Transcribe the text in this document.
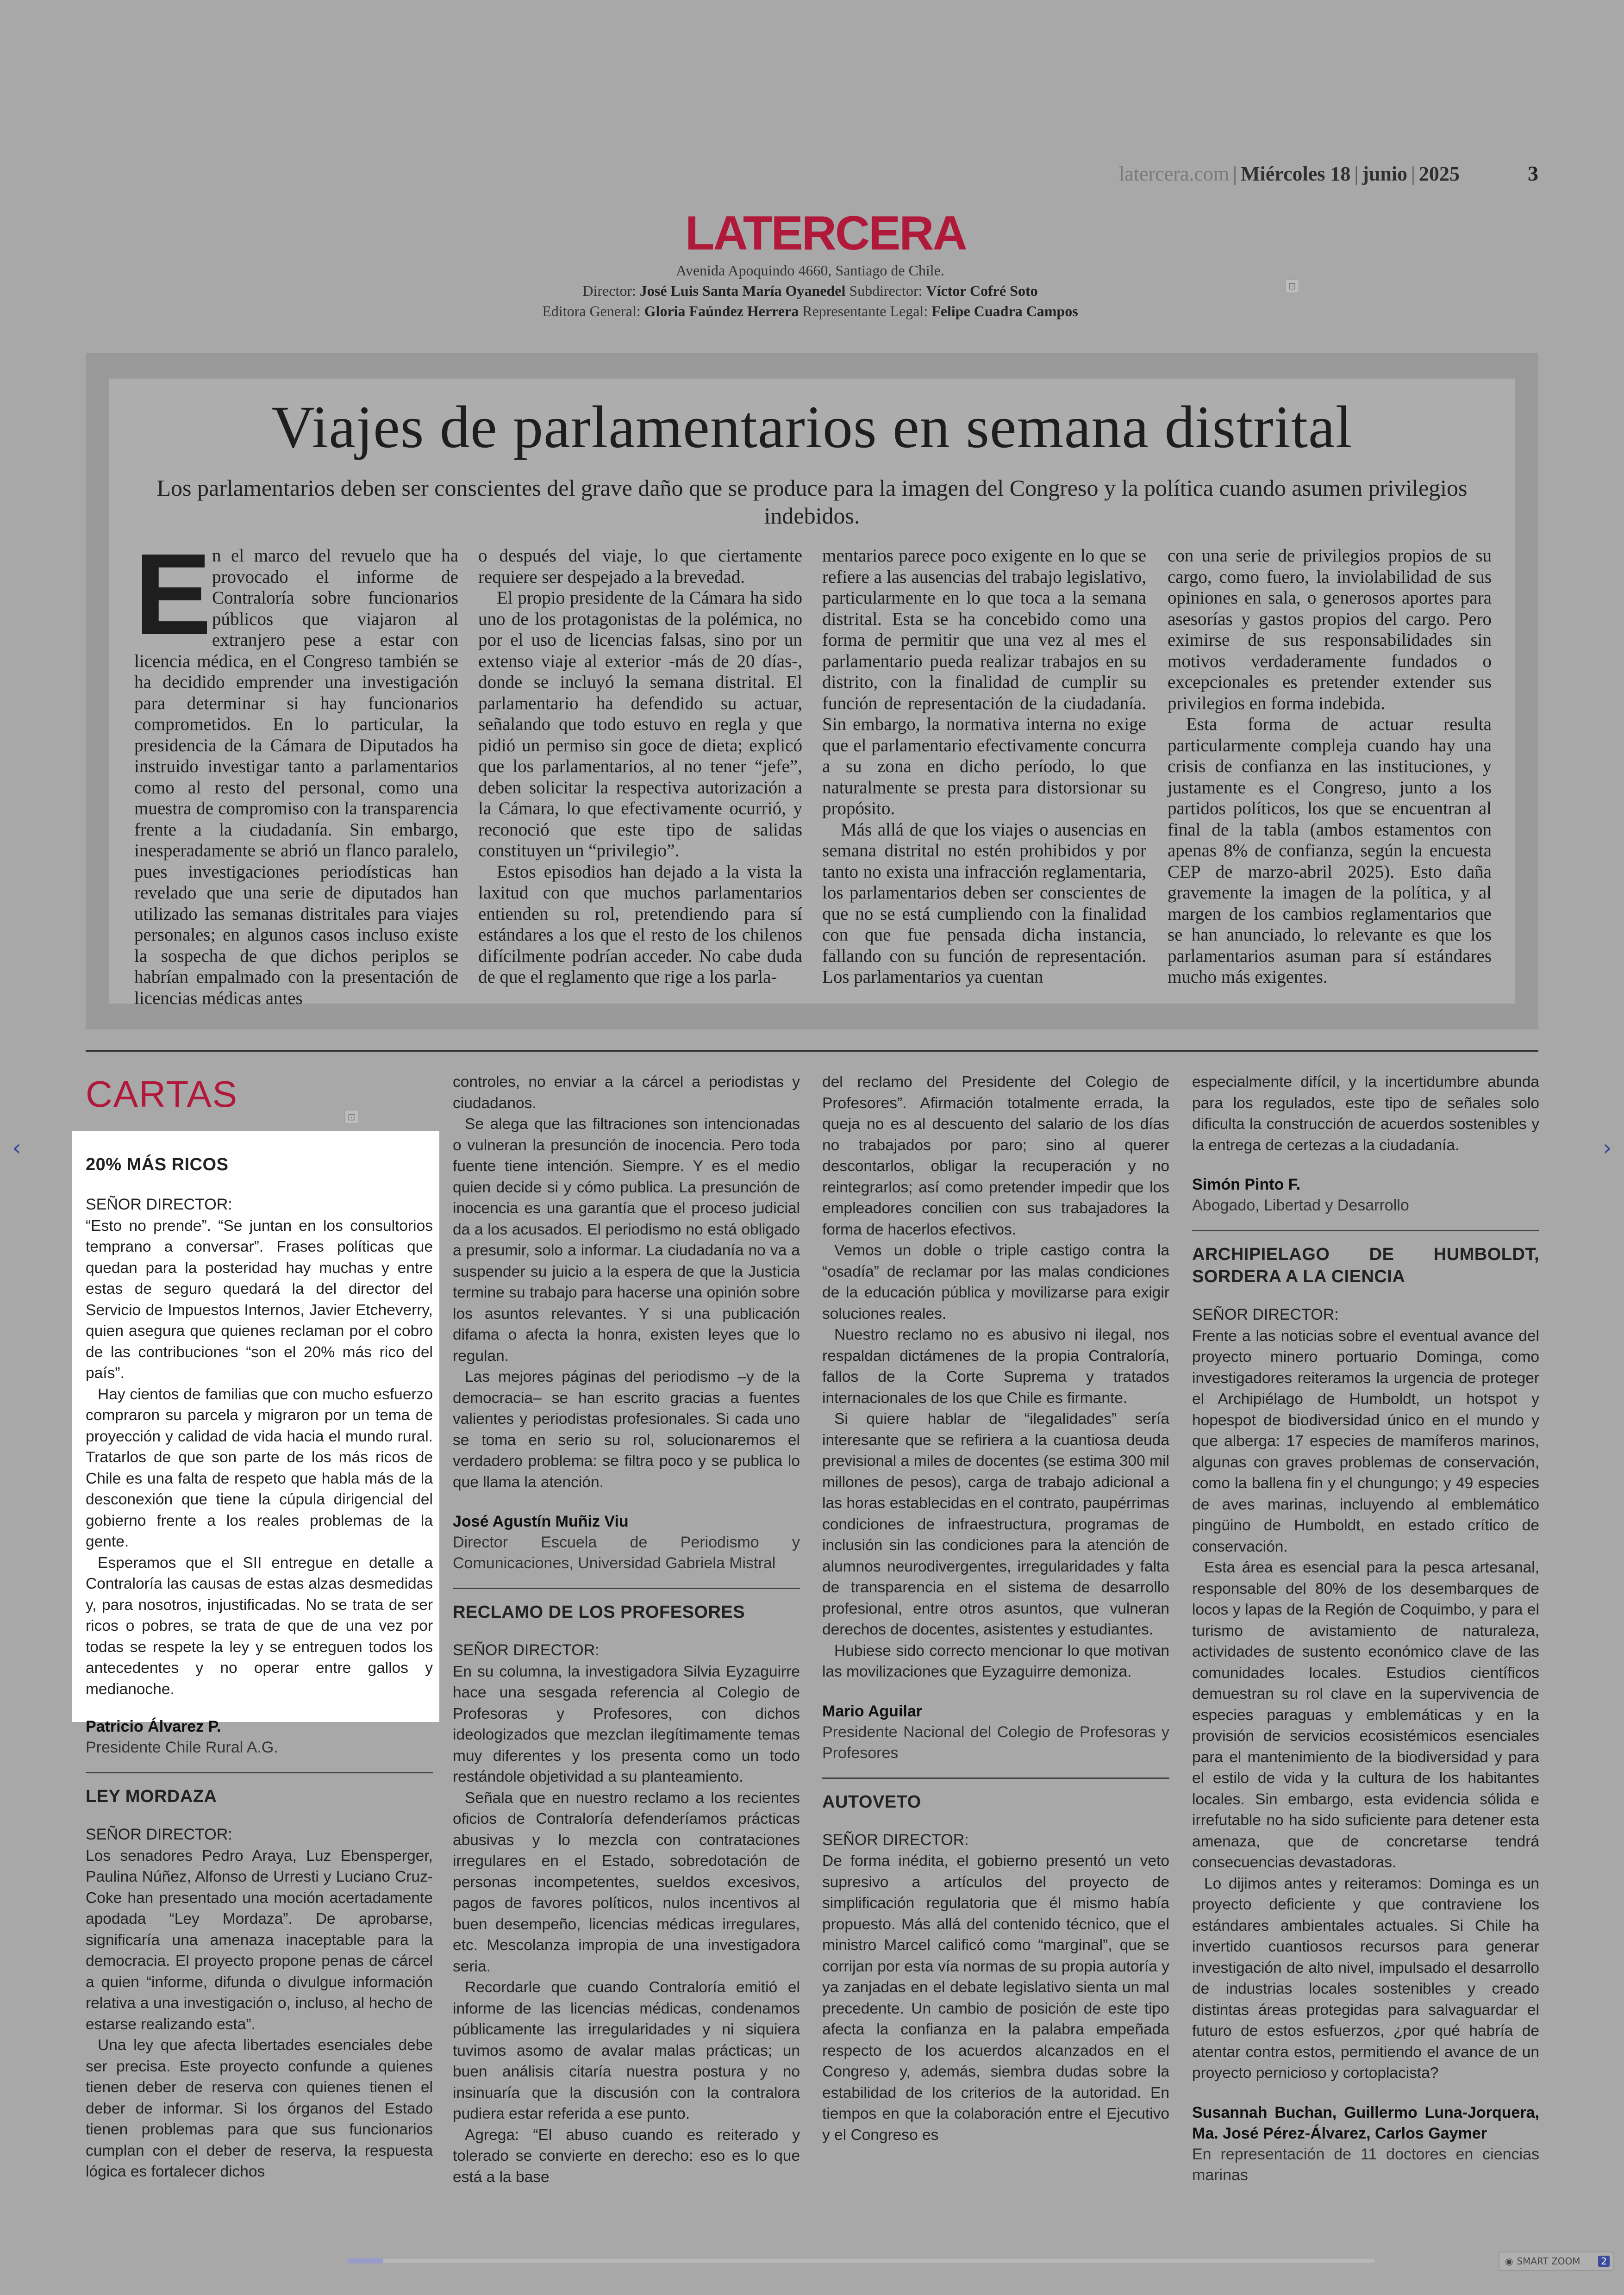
latercera.com | Miércoles 18 | junio | 2025	3
LATERCERA
Avenida Apoquindo 4660, Santiago de Chile.
Director: José Luis Santa María Oyanedel Subdirector: Víctor Cofré Soto
Editora General: Gloria Faúndez Herrera Representante Legal: Felipe Cuadra Campos
⊡
Viajes de parlamentarios en semana distrital
Los parlamentarios deben ser conscientes del grave daño que se produce para la imagen del Congreso y la política cuando asumen privilegios indebidos.

En el marco del revuelo que ha provocado el informe de Contraloría sobre funcionarios públicos que viajaron al extranjero pese a estar con licencia médica, en el Congreso también se ha decidido emprender una investigación para determinar si hay funcionarios comprometidos. En lo particular, la presidencia de la Cámara de Diputados ha instruido investigar tanto a parlamentarios como al resto del personal, como una muestra de compromiso con la transparencia frente a la ciudadanía. Sin embargo, inesperadamente se abrió un flanco paralelo, pues investigaciones periodísticas han revelado que una serie de diputados han utilizado las semanas distritales para viajes personales; en algunos casos incluso existe la sospecha de que dichos periplos se habrían empalmado con la presentación de licencias médicas antes

o después del viaje, lo que ciertamente requiere ser despejado a la brevedad.

El propio presidente de la Cámara ha sido uno de los protagonistas de la polémica, no por el uso de licencias falsas, sino por un extenso viaje al exterior -más de 20 días-, donde se incluyó la semana distrital. El parlamentario ha defendido su actuar, señalando que todo estuvo en regla y que pidió un permiso sin goce de dieta; explicó que los parlamentarios, al no tener “jefe”, deben solicitar la respectiva autorización a la Cámara, lo que efectivamente ocurrió, y reconoció que este tipo de salidas constituyen un “privilegio”.

Estos episodios han dejado a la vista la laxitud con que muchos parlamentarios entienden su rol, pretendiendo para sí estándares a los que el resto de los chilenos difícilmente podrían acceder. No cabe duda de que el reglamento que rige a los parla-

mentarios parece poco exigente en lo que se refiere a las ausencias del trabajo legislativo, particularmente en lo que toca a la semana distrital. Esta se ha concebido como una forma de permitir que una vez al mes el parlamentario pueda realizar trabajos en su distrito, con la finalidad de cumplir su función de representación de la ciudadanía. Sin embargo, la normativa interna no exige que el parlamentario efectivamente concurra a su zona en dicho período, lo que naturalmente se presta para distorsionar su propósito.

Más allá de que los viajes o ausencias en semana distrital no estén prohibidos y por tanto no exista una infracción reglamentaria, los parlamentarios deben ser conscientes de que no se está cumpliendo con la finalidad con que fue pensada dicha instancia, fallando con su función de representación. Los parlamentarios ya cuentan

con una serie de privilegios propios de su cargo, como fuero, la inviolabilidad de sus opiniones en sala, o generosos aportes para asesorías y gastos propios del cargo. Pero eximirse de sus responsabilidades sin motivos verdaderamente fundados o excepcionales es pretender extender sus privilegios en forma indebida.

Esta forma de actuar resulta particularmente compleja cuando hay una crisis de confianza en las instituciones, y justamente es el Congreso, junto a los partidos políticos, los que se encuentran al final de la tabla (ambos estamentos con apenas 8% de confianza, según la encuesta CEP de marzo-abril 2025). Esto daña gravemente la imagen de la política, y al margen de los cambios reglamentarios que se han anunciado, lo relevante es que los parlamentarios asuman para sí estándares mucho más exigentes.

CARTAS
⊡
20% MÁS RICOS
SEÑOR DIRECTOR:

“Esto no prende”. “Se juntan en los consultorios temprano a conversar”. Frases políticas que quedan para la posteridad hay muchas y entre estas de seguro quedará la del director del Servicio de Impuestos Internos, Javier Etcheverry, quien asegura que quienes reclaman por el cobro de las contribuciones “son el 20% más rico del país”.

Hay cientos de familias que con mucho esfuerzo compraron su parcela y migraron por un tema de proyección y calidad de vida hacia el mundo rural. Tratarlos de que son parte de los más ricos de Chile es una falta de respeto que habla más de la desconexión que tiene la cúpula dirigencial del gobierno frente a los reales problemas de la gente.

Esperamos que el SII entregue en detalle a Contraloría las causas de estas alzas desmedidas y, para nosotros, injustificadas. No se trata de ser ricos o pobres, se trata de que de una vez por todas se respete la ley y se entreguen todos los antecedentes y no operar entre gallos y medianoche.

Patricio Álvarez P.
Presidente Chile Rural A.G.
LEY MORDAZA
SEÑOR DIRECTOR:

Los senadores Pedro Araya, Luz Ebensperger, Paulina Núñez, Alfonso de Urresti y Luciano Cruz-Coke han presentado una moción acertadamente apodada “Ley Mordaza”. De aprobarse, significaría una amenaza inaceptable para la democracia. El proyecto propone penas de cárcel a quien “informe, difunda o divulgue información relativa a una investigación o, incluso, al hecho de estarse realizando esta”.

Una ley que afecta libertades esenciales debe ser precisa. Este proyecto confunde a quienes tienen deber de reserva con quienes tienen el deber de informar. Si los órganos del Estado tienen problemas para que sus funcionarios cumplan con el deber de reserva, la respuesta lógica es fortalecer dichos

controles, no enviar a la cárcel a periodistas y ciudadanos.

Se alega que las filtraciones son intencionadas o vulneran la presunción de inocencia. Pero toda fuente tiene intención. Siempre. Y es el medio quien decide si y cómo publica. La presunción de inocencia es una garantía que el proceso judicial da a los acusados. El periodismo no está obligado a presumir, solo a informar. La ciudadanía no va a suspender su juicio a la espera de que la Justicia termine su trabajo para hacerse una opinión sobre los asuntos relevantes. Y si una publicación difama o afecta la honra, existen leyes que lo regulan.

Las mejores páginas del periodismo –y de la democracia– se han escrito gracias a fuentes valientes y periodistas profesionales. Si cada uno se toma en serio su rol, solucionaremos el verdadero problema: se filtra poco y se publica lo que llama la atención.

José Agustín Muñiz Viu
Director Escuela de Periodismo y Comunicaciones, Universidad Gabriela Mistral
RECLAMO DE LOS PROFESORES
SEÑOR DIRECTOR:

En su columna, la investigadora Silvia Eyzaguirre hace una sesgada referencia al Colegio de Profesoras y Profesores, con dichos ideologizados que mezclan ilegítimamente temas muy diferentes y los presenta como un todo restándole objetividad a su planteamiento.

Señala que en nuestro reclamo a los recientes oficios de Contraloría defenderíamos prácticas abusivas y lo mezcla con contrataciones irregulares en el Estado, sobredotación de personas incompetentes, sueldos excesivos, pagos de favores políticos, nulos incentivos al buen desempeño, licencias médicas irregulares, etc. Mescolanza impropia de una investigadora seria.

Recordarle que cuando Contraloría emitió el informe de las licencias médicas, condenamos públicamente las irregularidades y ni siquiera tuvimos asomo de avalar malas prácticas; un buen análisis citaría nuestra postura y no insinuaría que la discusión con la contralora pudiera estar referida a ese punto.

Agrega: “El abuso cuando es reiterado y tolerado se convierte en derecho: eso es lo que está a la base

del reclamo del Presidente del Colegio de Profesores”. Afirmación totalmente errada, la queja no es al descuento del salario de los días no trabajados por paro; sino al querer descontarlos, obligar la recuperación y no reintegrarlos; así como pretender impedir que los empleadores concilien con sus trabajadores la forma de hacerlos efectivos.

Vemos un doble o triple castigo contra la “osadía” de reclamar por las malas condiciones de la educación pública y movilizarse para exigir soluciones reales.

Nuestro reclamo no es abusivo ni ilegal, nos respaldan dictámenes de la propia Contraloría, fallos de la Corte Suprema y tratados internacionales de los que Chile es firmante.

Si quiere hablar de “ilegalidades” sería interesante que se refiriera a la cuantiosa deuda previsional a miles de docentes (se estima 300 mil millones de pesos), carga de trabajo adicional a las horas establecidas en el contrato, paupérrimas condiciones de infraestructura, programas de inclusión sin las condiciones para la atención de alumnos neurodivergentes, irregularidades y falta de transparencia en el sistema de desarrollo profesional, entre otros asuntos, que vulneran derechos de docentes, asistentes y estudiantes.

Hubiese sido correcto mencionar lo que motivan las movilizaciones que Eyzaguirre demoniza.

Mario Aguilar
Presidente Nacional del Colegio de Profesoras y Profesores
AUTOVETO
SEÑOR DIRECTOR:

De forma inédita, el gobierno presentó un veto supresivo a artículos del proyecto de simplificación regulatoria que él mismo había propuesto. Más allá del contenido técnico, que el ministro Marcel calificó como “marginal”, que se corrijan por esta vía normas de su propia autoría y ya zanjadas en el debate legislativo sienta un mal precedente. Un cambio de posición de este tipo afecta la confianza en la palabra empeñada respecto de los acuerdos alcanzados en el Congreso y, además, siembra dudas sobre la estabilidad de los criterios de la autoridad. En tiempos en que la colaboración entre el Ejecutivo y el Congreso es

especialmente difícil, y la incertidumbre abunda para los regulados, este tipo de señales solo dificulta la construcción de acuerdos sostenibles y la entrega de certezas a la ciudadanía.

Simón Pinto F.
Abogado, Libertad y Desarrollo
ARCHIPIELAGO DE HUMBOLDT, SORDERA A LA CIENCIA
SEÑOR DIRECTOR:

Frente a las noticias sobre el eventual avance del proyecto minero portuario Dominga, como investigadores reiteramos la urgencia de proteger el Archipiélago de Humboldt, un hotspot y hopespot de biodiversidad único en el mundo y que alberga: 17 especies de mamíferos marinos, algunas con graves problemas de conservación, como la ballena fin y el chungungo; y 49 especies de aves marinas, incluyendo al emblemático pingüino de Humboldt, en estado crítico de conservación.

Esta área es esencial para la pesca artesanal, responsable del 80% de los desembarques de locos y lapas de la Región de Coquimbo, y para el turismo de avistamiento de naturaleza, actividades de sustento económico clave de las comunidades locales. Estudios científicos demuestran su rol clave en la supervivencia de especies paraguas y emblemáticas y en la provisión de servicios ecosistémicos esenciales para el mantenimiento de la biodiversidad y para el estilo de vida y la cultura de los habitantes locales. Sin embargo, esta evidencia sólida e irrefutable no ha sido suficiente para detener esta amenaza, que de concretarse tendrá consecuencias devastadoras.

Lo dijimos antes y reiteramos: Dominga es un proyecto deficiente y que contraviene los estándares ambientales actuales. Si Chile ha invertido cuantiosos recursos para generar investigación de alto nivel, impulsado el desarrollo de industrias locales sostenibles y creado distintas áreas protegidas para salvaguardar el futuro de estos esfuerzos, ¿por qué habría de atentar contra estos, permitiendo el avance de un proyecto pernicioso y cortoplacista?

Susannah Buchan, Guillermo Luna-Jorquera, Ma. José Pérez-Álvarez, Carlos Gaymer
En representación de 11 doctores en ciencias marinas
‹	›
◉ SMART ZOOM	2
